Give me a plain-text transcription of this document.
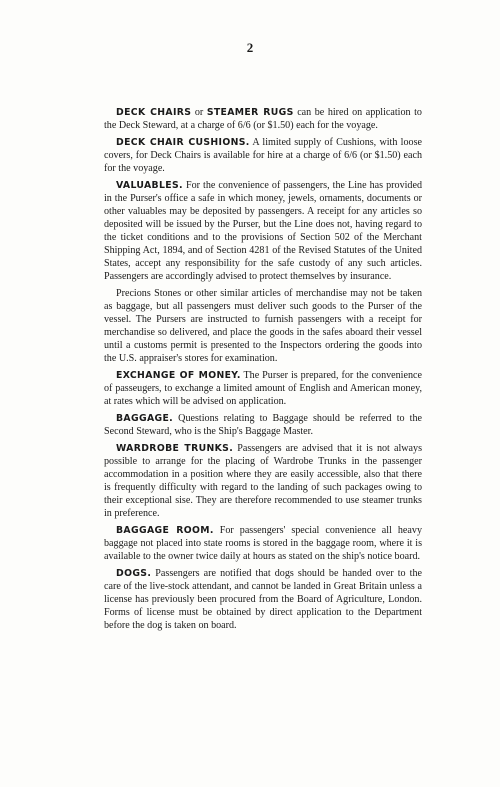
2

DECK CHAIRS or STEAMER RUGS can be hired on application to the Deck Steward, at a charge of 6/6 (or $1.50) each for the voyage.

DECK CHAIR CUSHIONS. A limited supply of Cushions, with loose covers, for Deck Chairs is available for hire at a charge of 6/6 (or $1.50) each for the voyage.

VALUABLES. For the convenience of passengers, the Line has provided in the Purser's office a safe in which money, jewels, ornaments, documents or other valuables may be deposited by passengers. A receipt for any articles so deposited will be issued by the Purser, but the Line does not, having regard to the ticket conditions and to the provisions of Section 502 of the Merchant Shipping Act, 1894, and of Section 4281 of the Revised Statutes of the United States, accept any responsibility for the safe custody of any such articles. Passengers are accordingly advised to protect themselves by insurance.

Precions Stones or other similar articles of merchandise may not be taken as baggage, but all passengers must deliver such goods to the Purser of the vessel. The Pursers are instructed to furnish passengers with a receipt for merchandise so delivered, and place the goods in the safes aboard their vessel until a customs permit is presented to the Inspectors ordering the goods into the U.S. appraiser's stores for examination.

EXCHANGE OF MONEY. The Purser is prepared, for the convenience of passeugers, to exchange a limited amount of English and American money, at rates which will be advised on application.

BAGGAGE. Questions relating to Baggage should be referred to the Second Steward, who is the Ship's Baggage Master.

WARDROBE TRUNKS. Passengers are advised that it is not always possible to arrange for the placing of Wardrobe Trunks in the passenger accommodation in a position where they are easily accessible, also that there is frequently difficulty with regard to the landing of such packages owing to their exceptional sise. They are therefore recommended to use steamer trunks in preference.

BAGGAGE ROOM. For passengers' special convenience all heavy baggage not placed into state rooms is stored in the baggage room, where it is available to the owner twice daily at hours as stated on the ship's notice board.

DOGS. Passengers are notified that dogs should be handed over to the care of the live-stock attendant, and cannot be landed in Great Britain unless a license has previously been procured from the Board of Agriculture, London. Forms of license must be obtained by direct application to the Department before the dog is taken on board.
